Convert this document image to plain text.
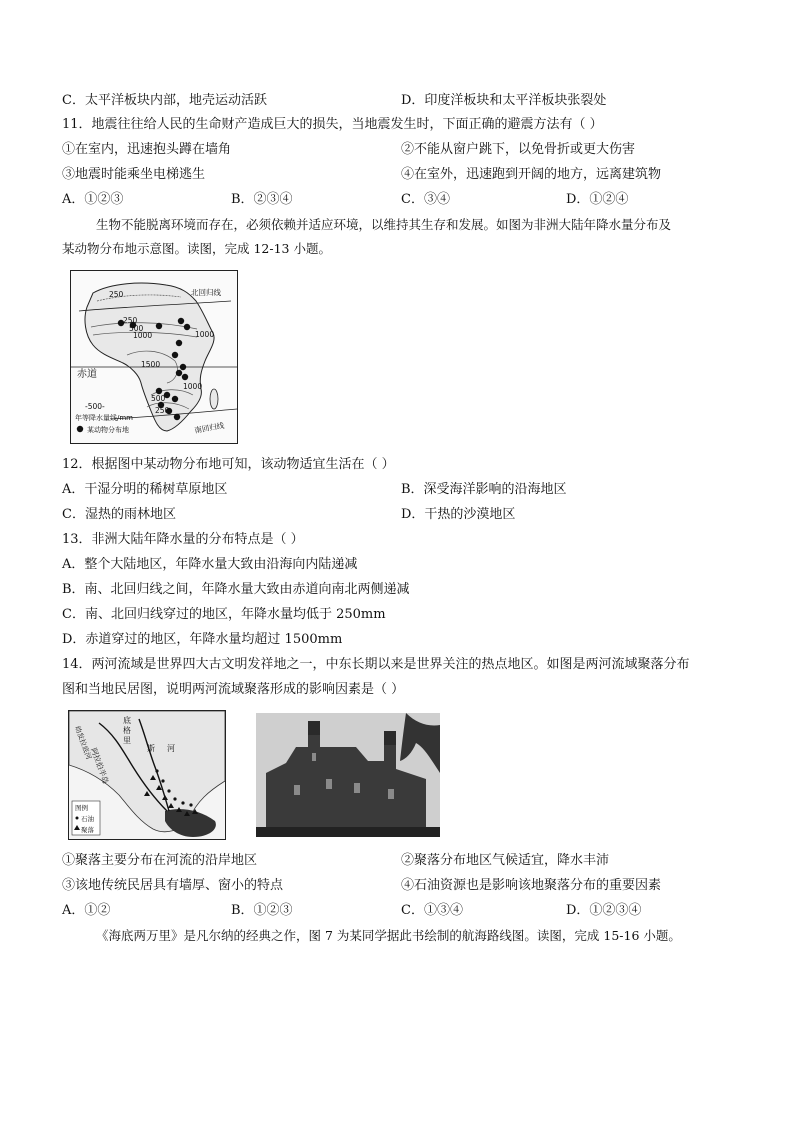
C．太平洋板块内部，地壳运动活跃	D．印度洋板块和太平洋板块张裂处
11．地震往往给人民的生命财产造成巨大的损失，当地震发生时，下面正确的避震方法有（ ）
①在室内，迅速抱头蹲在墙角	②不能从窗户跳下，以免骨折或更大伤害
③地震时能乘坐电梯逃生	④在室外，迅速跑到开阔的地方，远离建筑物
A．①②③	B．②③④	C．③④	D．①②④
生物不能脱离环境而存在，必须依赖并适应环境，以维持其生存和发展。如图为非洲大陆年降水量分布及
某动物分布地示意图。读图，完成 12-13 小题。
北回归线
250
250
500
1000	1000
1500
1000
500
250
赤道
南回归线
-500-
年等降水量线/mm
某动物分布地
12．根据图中某动物分布地可知，该动物适宜生活在（ ）
A．干湿分明的稀树草原地区	B．深受海洋影响的沿海地区
C．湿热的雨林地区	D．干热的沙漠地区
13．非洲大陆年降水量的分布特点是（ ）
A．整个大陆地区，年降水量大致由沿海向内陆递减
B．南、北回归线之间，年降水量大致由赤道向南北两侧递减
C．南、北回归线穿过的地区，年降水量均低于 250mm
D．赤道穿过的地区，年降水量均超过 1500mm
14．两河流域是世界四大古文明发祥地之一，中东长期以来是世界关注的热点地区。如图是两河流域聚落分布
图和当地民居图，说明两河流域聚落形成的影响因素是（ ）
底
格
里
斯 河
幼发拉底河
阿拉伯半岛
图例
石油
聚落
①聚落主要分布在河流的沿岸地区	②聚落分布地区气候适宜，降水丰沛
③该地传统民居具有墙厚、窗小的特点	④石油资源也是影响该地聚落分布的重要因素
A．①②	B．①②③	C．①③④	D．①②③④
《海底两万里》是凡尔纳的经典之作，图 7 为某同学据此书绘制的航海路线图。读图，完成 15-16 小题。
